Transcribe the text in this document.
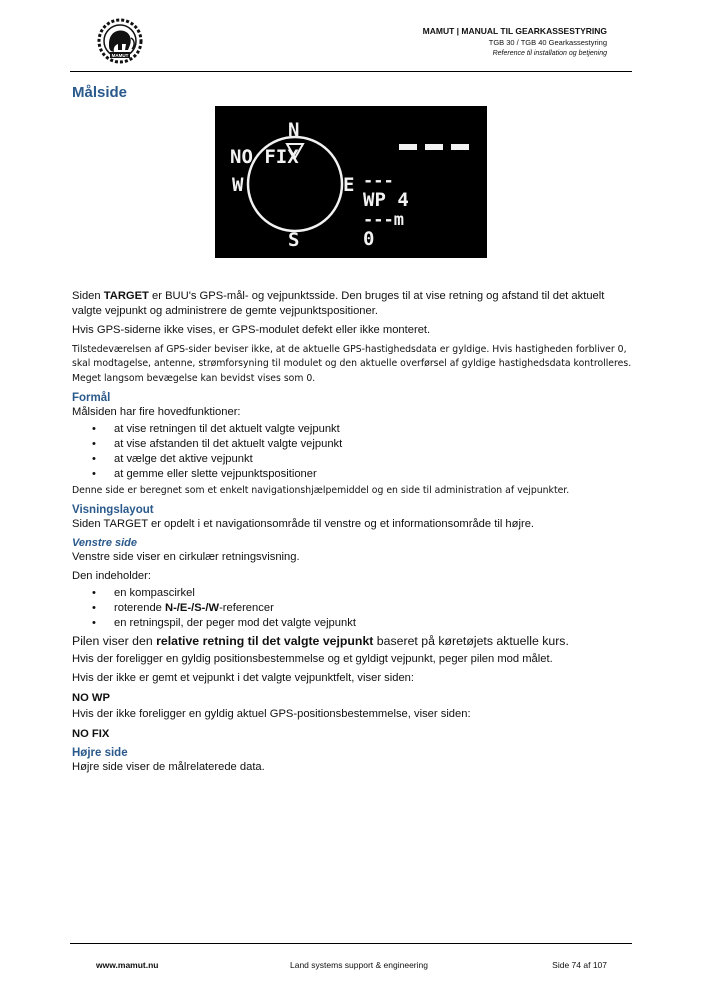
MAMUT
MAMUT | MANUAL TIL GEARKASSESTYRING
TGB 30 / TGB 40 Gearkassestyring
Reference til installation og betjening
Målside
N
S
W	E
NO FIX
---
WP 4
---m
0

Siden TARGET er BUU's GPS-mål- og vejpunktsside. Den bruges til at vise retning og afstand til det aktuelt valgte vejpunkt og administrere de gemte vejpunktspositioner.

Hvis GPS-siderne ikke vises, er GPS-modulet defekt eller ikke monteret.

Tilstedeværelsen af GPS-sider beviser ikke, at de aktuelle GPS-hastighedsdata er gyldige. Hvis hastigheden forbliver 0, skal modtagelse, antenne, strømforsyning til modulet og den aktuelle overførsel af gyldige hastighedsdata kontrolleres. Meget langsom bevægelse kan bevidst vises som 0.

Formål

Målsiden har fire hovedfunktioner:

• at vise retningen til det aktuelt valgte vejpunkt
• at vise afstanden til det aktuelt valgte vejpunkt
• at vælge det aktive vejpunkt
• at gemme eller slette vejpunktspositioner

Denne side er beregnet som et enkelt navigationshjælpemiddel og en side til administration af vejpunkter.

Visningslayout

Siden TARGET er opdelt i et navigationsområde til venstre og et informationsområde til højre.

Venstre side

Venstre side viser en cirkulær retningsvisning.

Den indeholder:

• en kompascirkel
• roterende N-/E-/S-/W-referencer
• en retningspil, der peger mod det valgte vejpunkt

Pilen viser den relative retning til det valgte vejpunkt baseret på køretøjets aktuelle kurs.

Hvis der foreligger en gyldig positionsbestemmelse og et gyldigt vejpunkt, peger pilen mod målet.

Hvis der ikke er gemt et vejpunkt i det valgte vejpunktfelt, viser siden:

NO WP

Hvis der ikke foreligger en gyldig aktuel GPS-positionsbestemmelse, viser siden:

NO FIX

Højre side

Højre side viser de målrelaterede data.

www.mamut.nu	Land systems support & engineering	Side 74 af 107
